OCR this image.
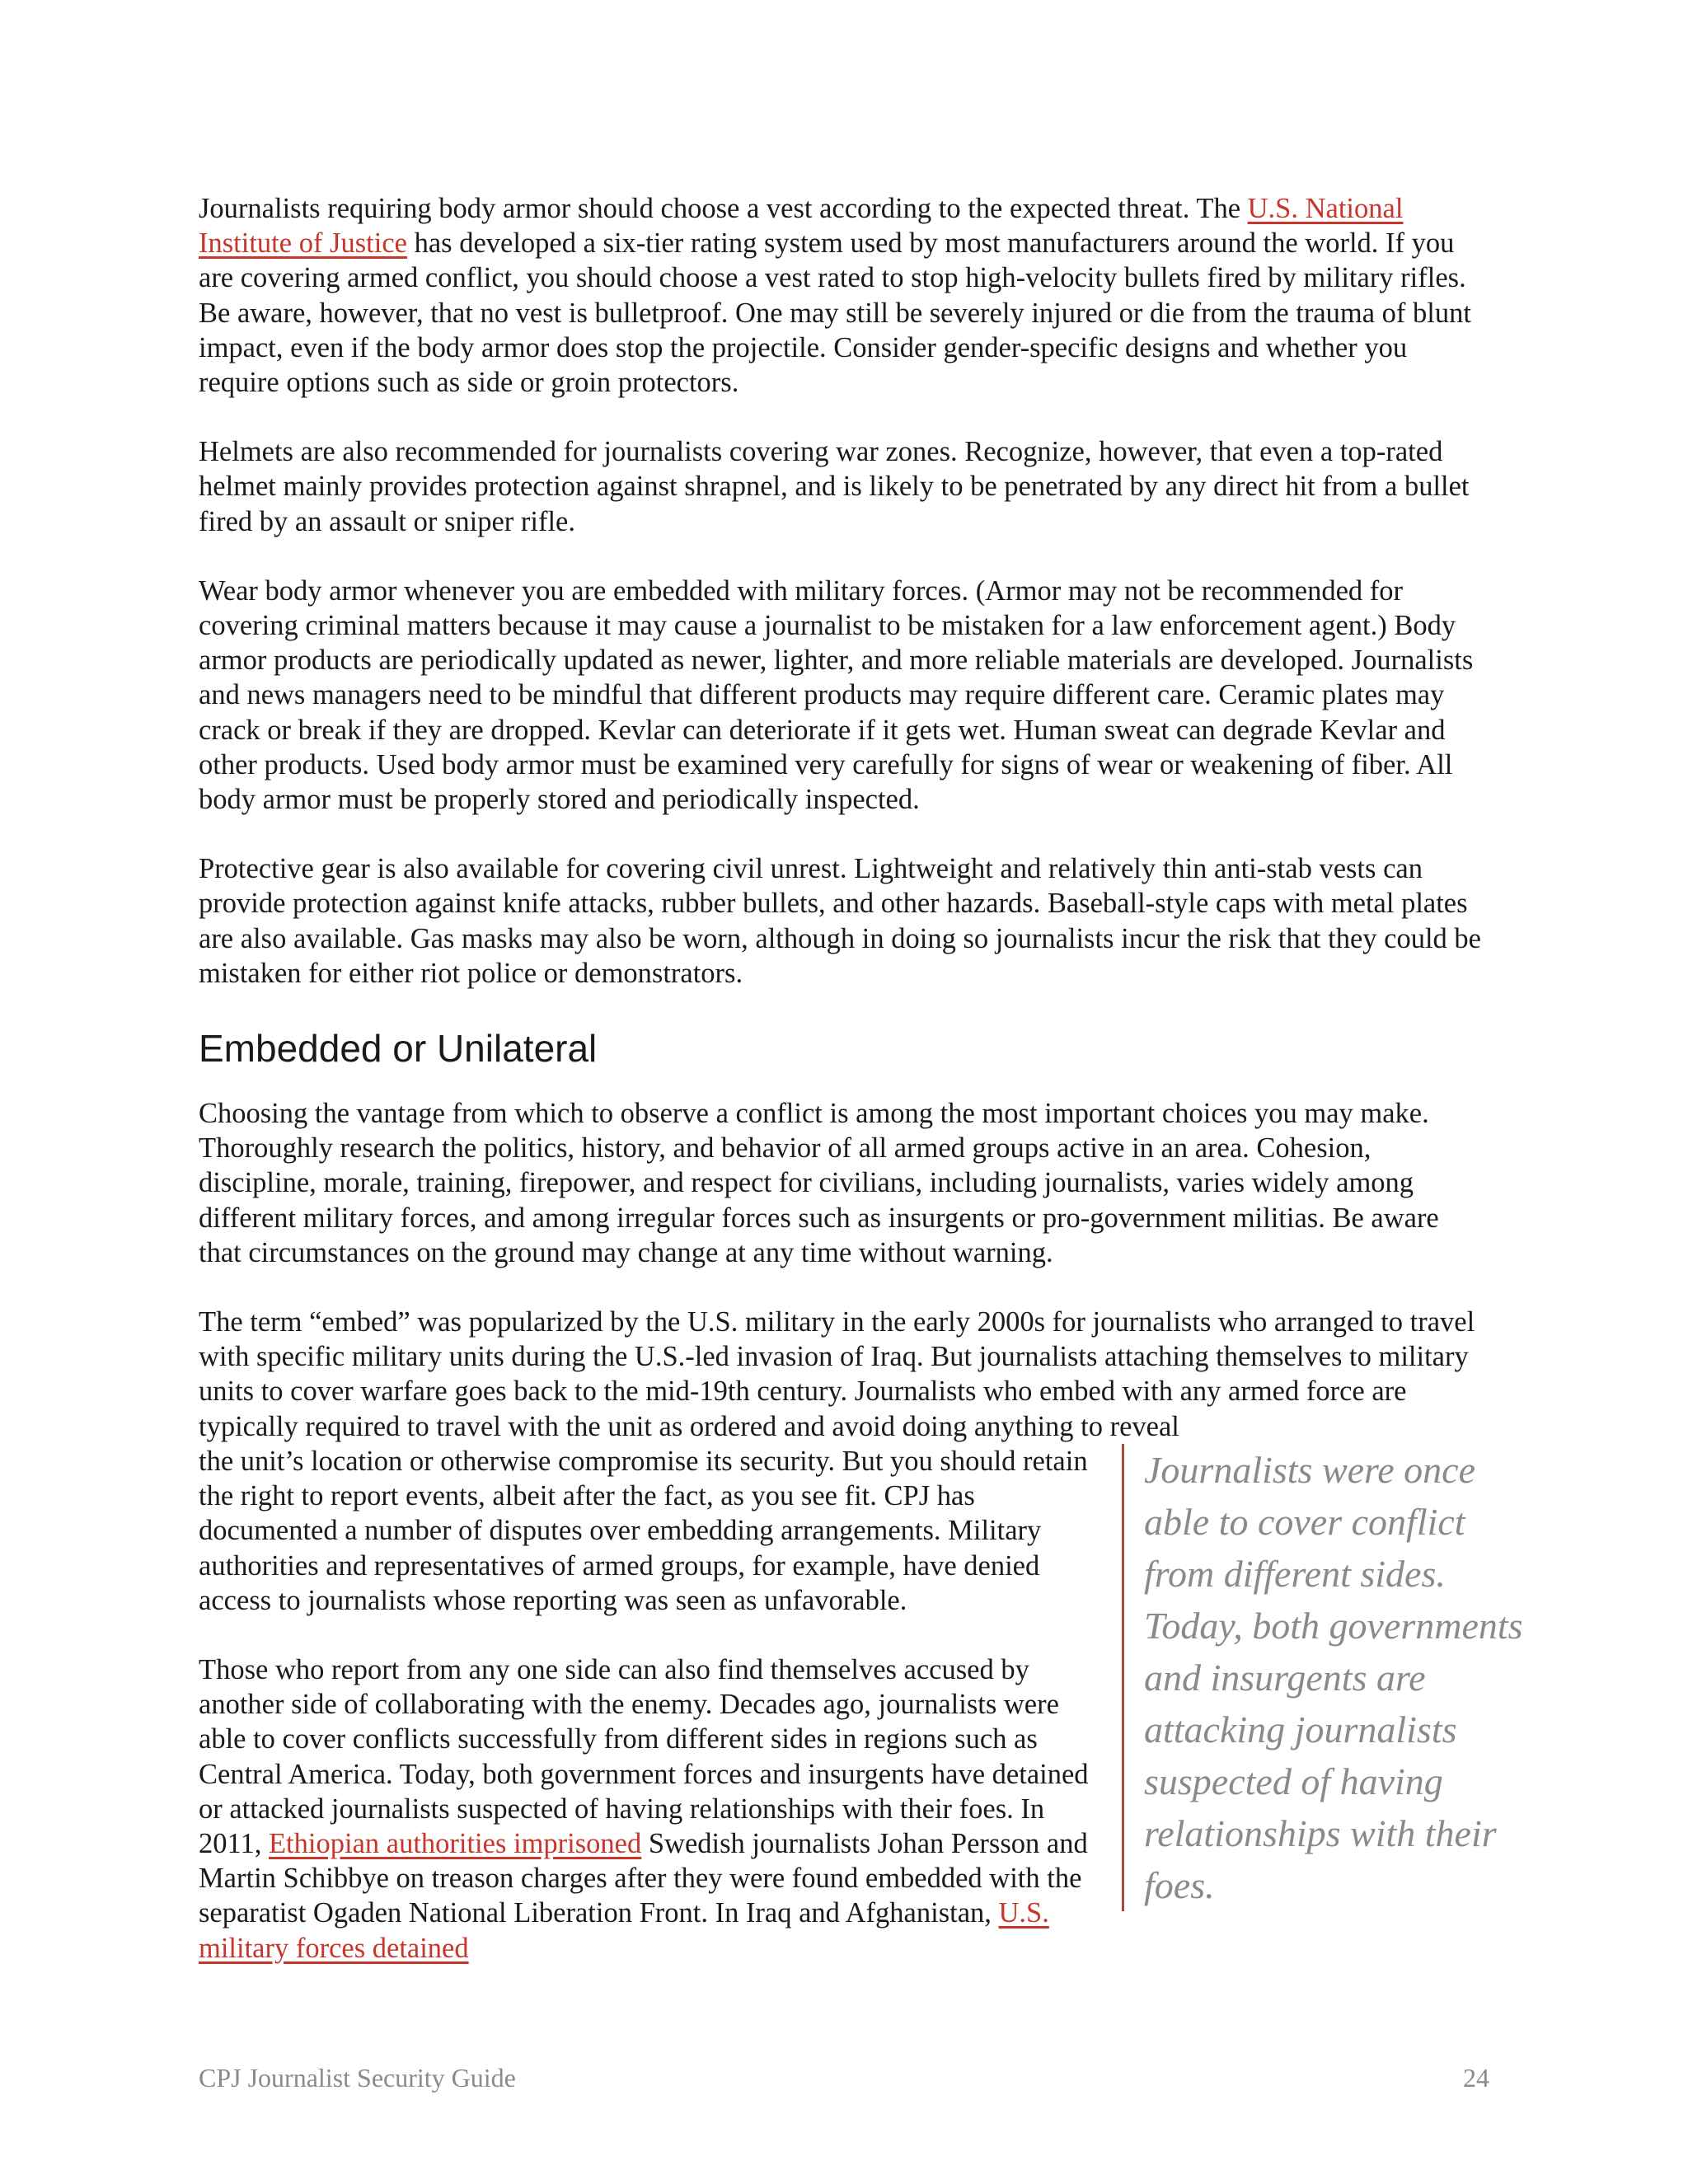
Journalists requiring body armor should choose a vest according to the expected threat. The U.S. National Institute of Justice has developed a six-tier rating system used by most manufacturers around the world. If you are covering armed conflict, you should choose a vest rated to stop high-velocity bullets fired by military rifles. Be aware, however, that no vest is bulletproof. One may still be severely injured or die from the trauma of blunt impact, even if the body armor does stop the projectile. Consider gender-specific designs and whether you require options such as side or groin protectors.

Helmets are also recommended for journalists covering war zones. Recognize, however, that even a top-rated helmet mainly provides protection against shrapnel, and is likely to be penetrated by any direct hit from a bullet fired by an assault or sniper rifle.

Wear body armor whenever you are embedded with military forces. (Armor may not be recommended for covering criminal matters because it may cause a journalist to be mistaken for a law enforcement agent.) Body armor products are periodically updated as newer, lighter, and more reliable materials are developed. Journalists and news managers need to be mindful that different products may require different care. Ceramic plates may crack or break if they are dropped. Kevlar can deteriorate if it gets wet. Human sweat can degrade Kevlar and other products. Used body armor must be examined very carefully for signs of wear or weakening of fiber. All body armor must be properly stored and periodically inspected.

Protective gear is also available for covering civil unrest. Lightweight and relatively thin anti-stab vests can provide protection against knife attacks, rubber bullets, and other hazards. Baseball-style caps with metal plates are also available. Gas masks may also be worn, although in doing so journalists incur the risk that they could be mistaken for either riot police or demonstrators.

Embedded or Unilateral

Choosing the vantage from which to observe a conflict is among the most important choices you may make. Thoroughly research the politics, history, and behavior of all armed groups active in an area. Cohesion, discipline, morale, training, firepower, and respect for civilians, including journalists, varies widely among different military forces, and among irregular forces such as insurgents or pro-government militias. Be aware that circumstances on the ground may change at any time without warning.

The term “embed” was popularized by the U.S. military in the early 2000s for journalists who arranged to travel with specific military units during the U.S.-led invasion of Iraq. But journalists attaching themselves to military units to cover warfare goes back to the mid-19th century. Journalists who embed with any armed force are typically required to travel with the unit as ordered and avoid doing anything to reveal

the unit’s location or otherwise compromise its security. But you should retain the right to report events, albeit after the fact, as you see fit. CPJ has documented a number of disputes over embedding arrangements. Military authorities and representatives of armed groups, for example, have denied access to journalists whose reporting was seen as unfavorable.

Those who report from any one side can also find themselves accused by another side of collaborating with the enemy. Decades ago, journalists were able to cover conflicts successfully from different sides in regions such as Central America. Today, both government forces and insurgents have detained or attacked journalists suspected of having relationships with their foes. In 2011, Ethiopian authorities imprisoned Swedish journalists Johan Persson and Martin Schibbye on treason charges after they were found embedded with the separatist Ogaden National Liberation Front. In Iraq and Afghanistan, U.S. military forces detained

Journalists were once able to cover conflict from different sides. Today, both governments and insurgents are attacking journalists suspected of having relationships with their foes.
CPJ Journalist Security Guide	24
